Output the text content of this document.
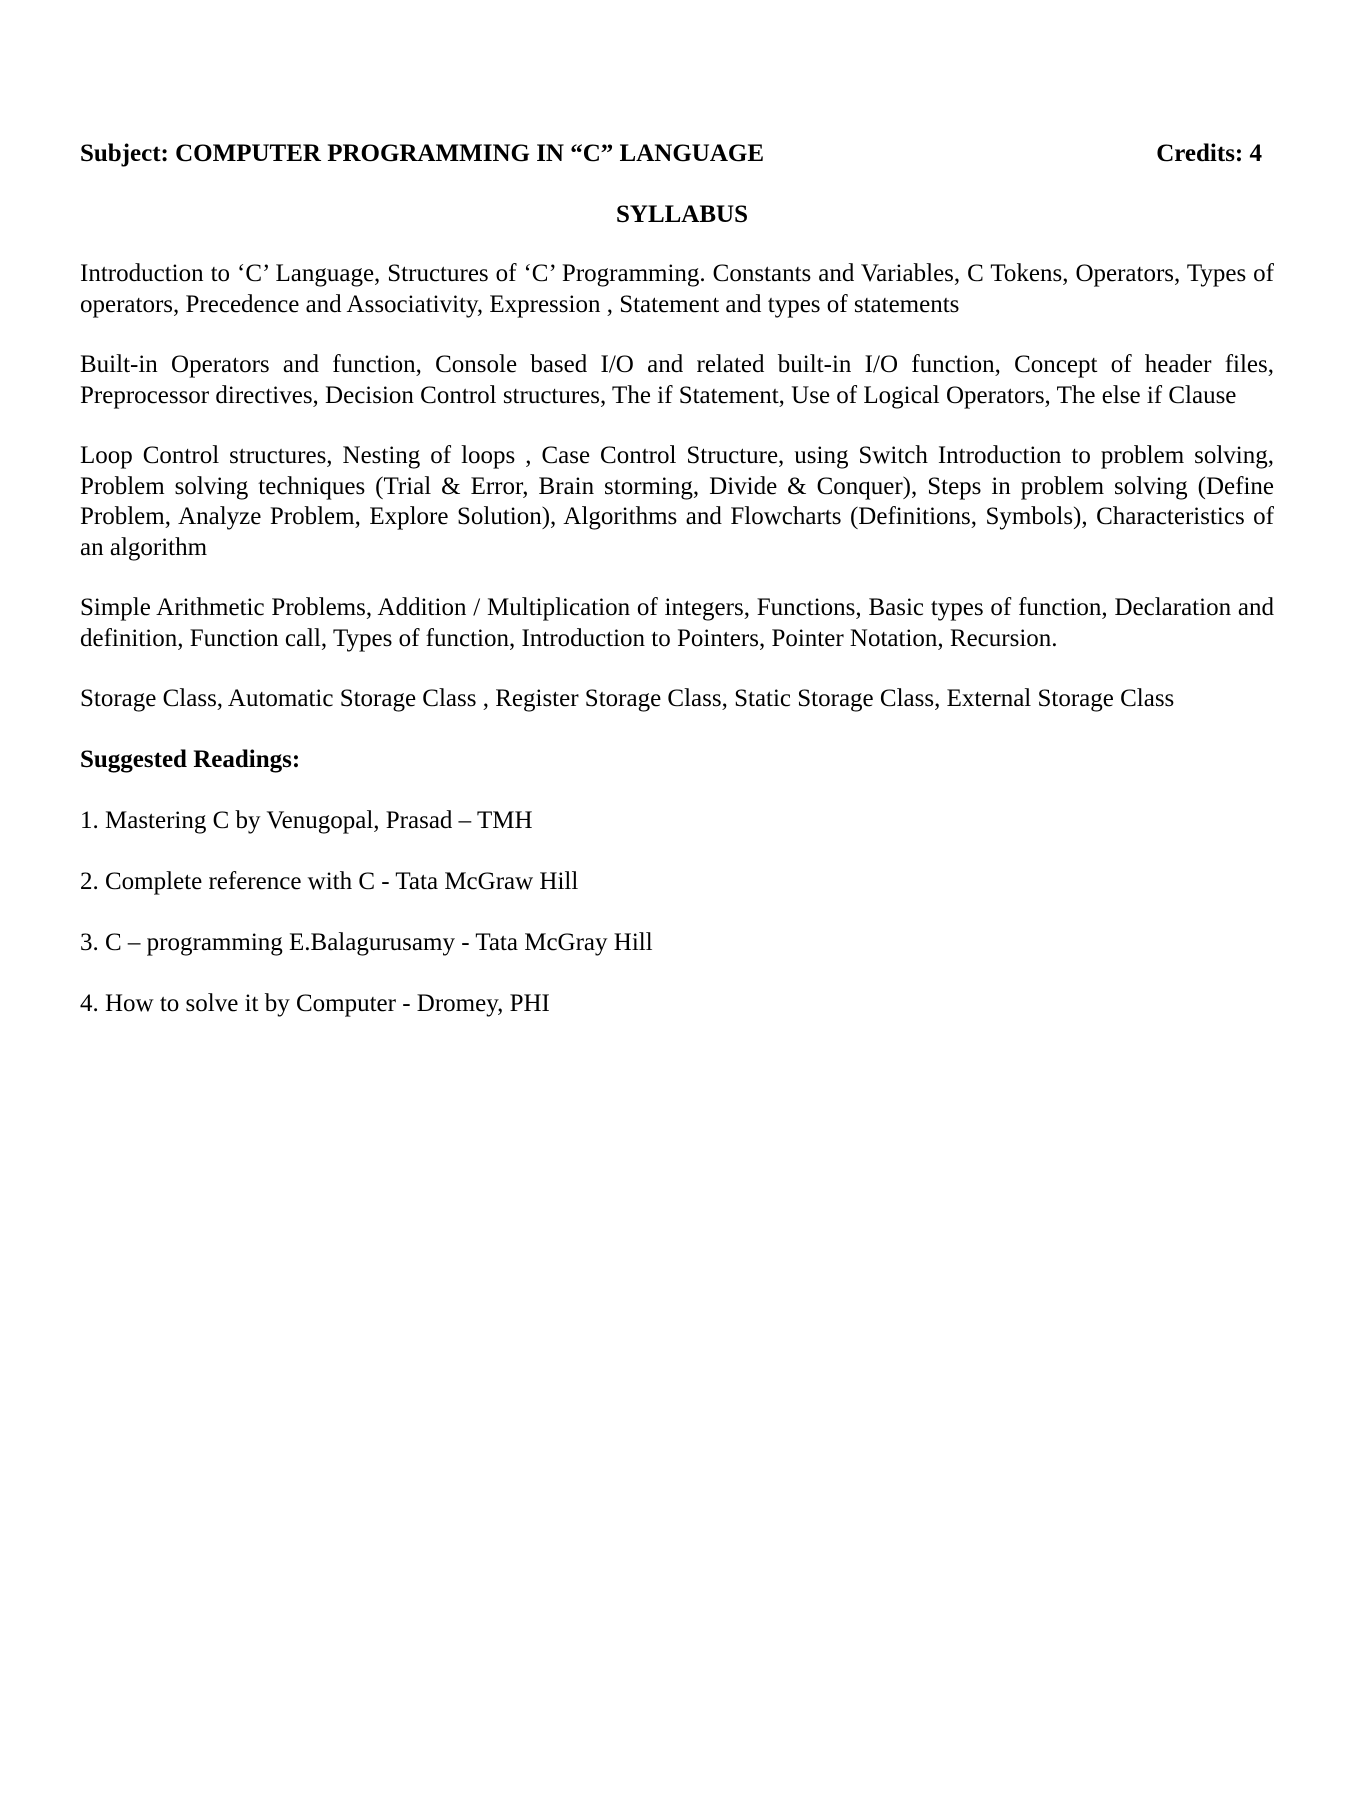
Subject: COMPUTER PROGRAMMING IN “C” LANGUAGE	Credits: 4
SYLLABUS
Introduction to ‘C’ Language, Structures of ‘C’ Programming. Constants and Variables, C Tokens, Operators, Types of operators, Precedence and Associativity, Expression , Statement and types of statements
Built-in Operators and function, Console based I/O and related built-in I/O function, Concept of header files, Preprocessor directives, Decision Control structures, The if Statement, Use of Logical Operators, The else if Clause
Loop Control structures, Nesting of loops , Case Control Structure, using Switch Introduction to problem solving, Problem solving techniques (Trial & Error, Brain storming, Divide & Conquer), Steps in problem solving (Define Problem, Analyze Problem, Explore Solution), Algorithms and Flowcharts (Definitions, Symbols), Characteristics of an algorithm
Simple Arithmetic Problems, Addition / Multiplication of integers, Functions, Basic types of function, Declaration and definition, Function call, Types of function, Introduction to Pointers, Pointer Notation, Recursion.
Storage Class, Automatic Storage Class , Register Storage Class, Static Storage Class, External Storage Class
Suggested Readings:
1. Mastering C by Venugopal, Prasad – TMH
2. Complete reference with C - Tata McGraw Hill
3. C – programming E.Balagurusamy - Tata McGray Hill
4. How to solve it by Computer - Dromey, PHI
